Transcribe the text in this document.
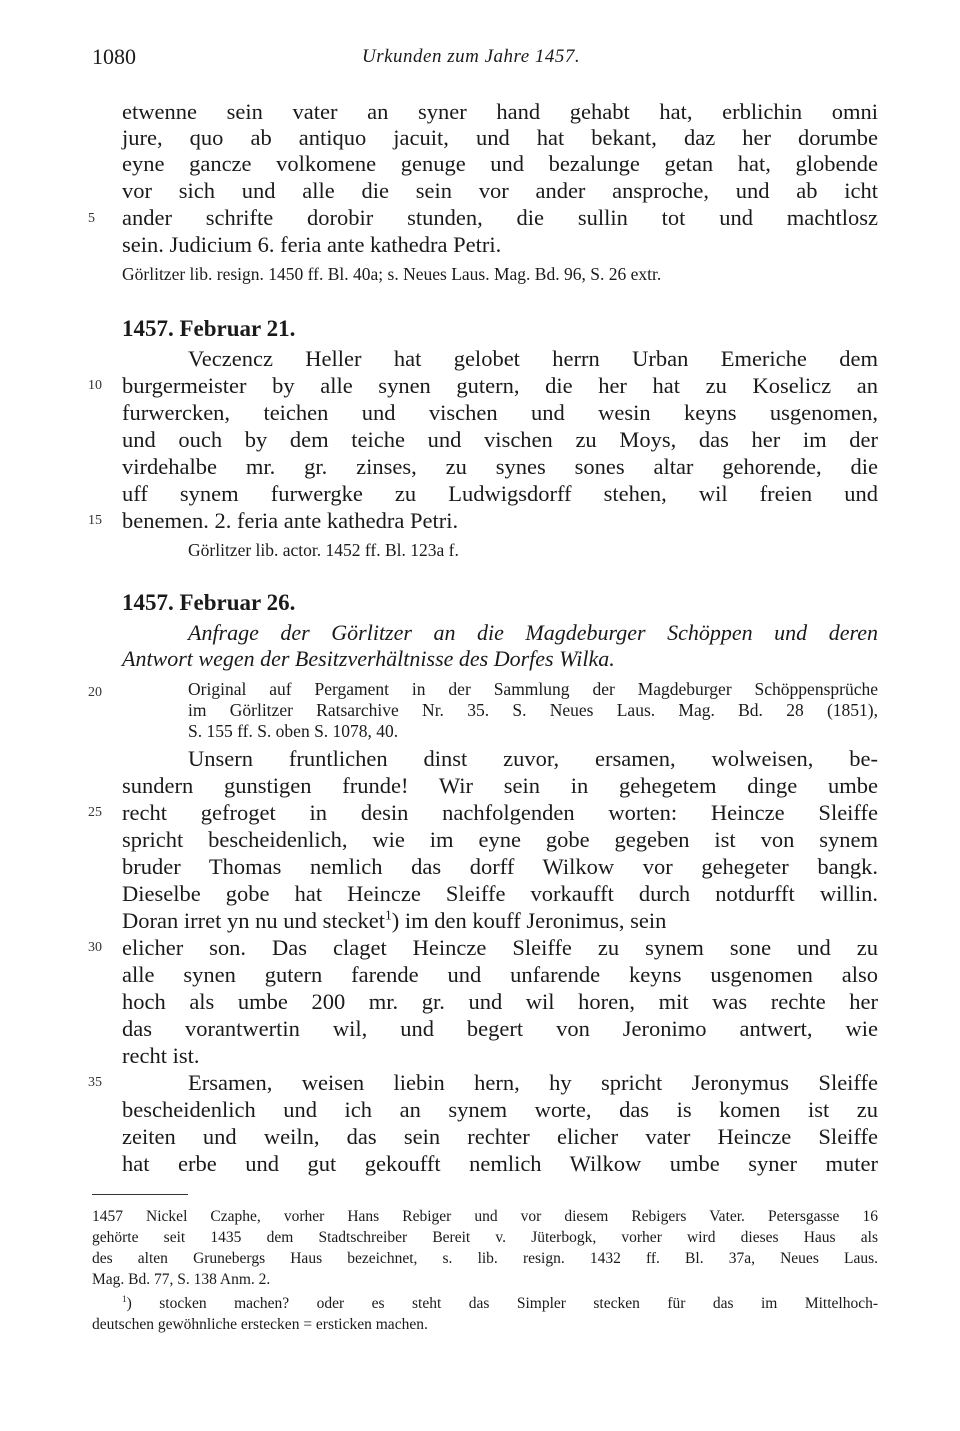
1080	Urkunden zum Jahre 1457.
etwenne sein vater an syner hand gehabt hat, erblichin omni
jure, quo ab antiquo jacuit, und hat bekant, daz her dorumbe
eyne gancze volkomene genuge und bezalunge getan hat, globende
vor sich und alle die sein vor ander ansproche, und ab icht
ander schrifte dorobir stunden, die sullin tot und machtlosz
sein. Judicium 6. feria ante kathedra Petri.
Görlitzer lib. resign. 1450 ff. Bl. 40a; s. Neues Laus. Mag. Bd. 96, S. 26 extr.
1457. Februar 21.
Veczencz Heller hat gelobet herrn Urban Emeriche dem
burgermeister by alle synen gutern, die her hat zu Koselicz an
furwercken, teichen und vischen und wesin keyns usgenomen,
und ouch by dem teiche und vischen zu Moys, das her im der
virdehalbe mr. gr. zinses, zu synes sones altar gehorende, die
uff synem furwergke zu Ludwigsdorff stehen, wil freien und
benemen. 2. feria ante kathedra Petri.
Görlitzer lib. actor. 1452 ff. Bl. 123a f.
1457. Februar 26.
Anfrage der Görlitzer an die Magdeburger Schöppen und deren
Antwort wegen der Besitzverhältnisse des Dorfes Wilka.
Original auf Pergament in der Sammlung der Magdeburger Schöppensprüche
im Görlitzer Ratsarchive Nr. 35. S. Neues Laus. Mag. Bd. 28 (1851),
S. 155 ff. S. oben S. 1078, 40.
Unsern fruntlichen dinst zuvor, ersamen, wolweisen, be-
sundern gunstigen frunde! Wir sein in gehegetem dinge umbe
recht gefroget in desin nachfolgenden worten: Heincze Sleiffe
spricht bescheidenlich, wie im eyne gobe gegeben ist von synem
bruder Thomas nemlich das dorff Wilkow vor gehegeter bangk.
Dieselbe gobe hat Heincze Sleiffe vorkaufft durch notdurfft willin.
Doran irret yn nu und stecket$^1$) im den kouff Jeronimus, sein
elicher son. Das claget Heincze Sleiffe zu synem sone und zu
alle synen gutern farende und unfarende keyns usgenomen also
hoch als umbe 200 mr. gr. und wil horen, mit was rechte her
das vorantwertin wil, und begert von Jeronimo antwert, wie
recht ist.
Ersamen, weisen liebin hern, hy spricht Jeronymus Sleiffe
bescheidenlich und ich an synem worte, das is komen ist zu
zeiten und weiln, das sein rechter elicher vater Heincze Sleiffe
hat erbe und gut gekoufft nemlich Wilkow umbe syner muter
5
10
15
20
25
30
35
1457 Nickel Czaphe, vorher Hans Rebiger und vor diesem Rebigers Vater. Petersgasse 16
gehörte seit 1435 dem Stadtschreiber Bereit v. Jüterbogk, vorher wird dieses Haus als
des alten Grunebergs Haus bezeichnet, s. lib. resign. 1432 ff. Bl. 37a, Neues Laus.
Mag. Bd. 77, S. 138 Anm. 2.
$^1$) stocken machen? oder es steht das Simpler stecken für das im Mittelhoch-
deutschen gewöhnliche erstecken = ersticken machen.
